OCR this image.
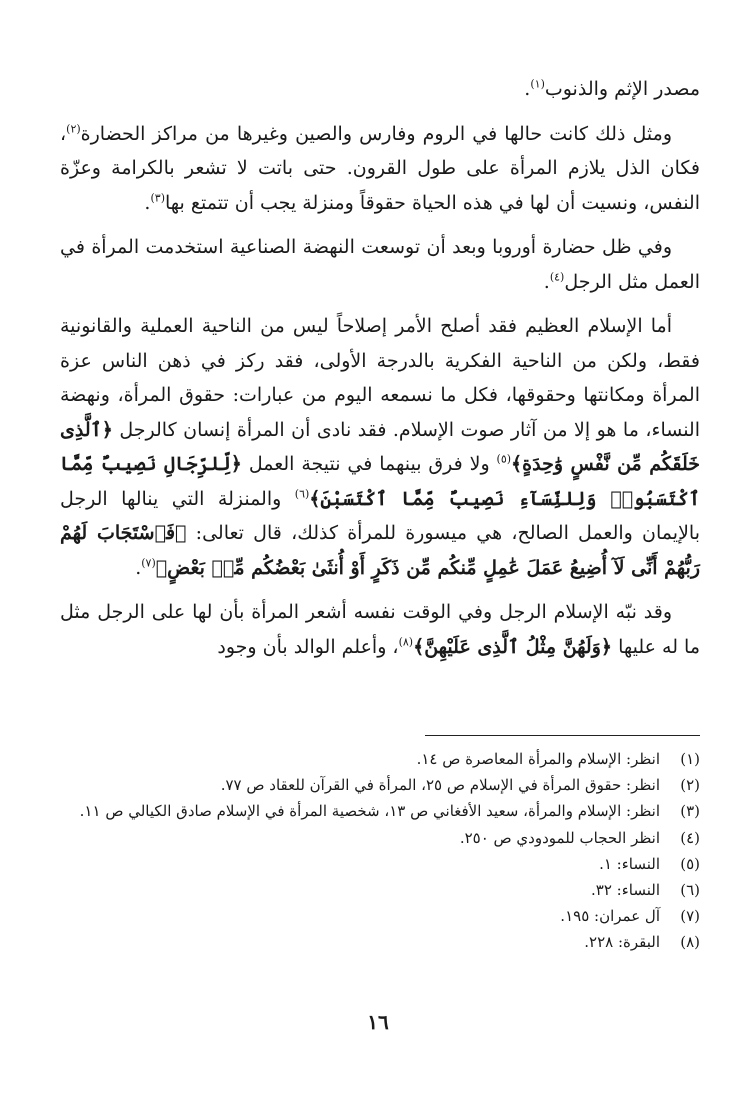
مصدر الإثم والذنوب$^{(١)}$.

ومثل ذلك كانت حالها في الروم وفارس والصين وغيرها من مراكز الحضارة$^{(٢)}$، فكان الذل يلازم المرأة على طول القرون. حتى باتت لا تشعر بالكرامة وعزّة النفس، ونسيت أن لها في هذه الحياة حقوقاً ومنزلة يجب أن تتمتع بها$^{(٣)}$.

وفي ظل حضارة أوروبا وبعد أن توسعت النهضة الصناعية استخدمت المرأة في العمل مثل الرجل$^{(٤)}$.

أما الإسلام العظيم فقد أصلح الأمر إصلاحاً ليس من الناحية العملية والقانونية فقط، ولكن من الناحية الفكرية بالدرجة الأولى، فقد ركز في ذهن الناس عزة المرأة ومكانتها وحقوقها، فكل ما نسمعه اليوم من عبارات: حقوق المرأة، ونهضة النساء، ما هو إلا من آثار صوت الإسلام. فقد نادى أن المرأة إنسان كالرجل ﴿ٱلَّذِى خَلَقَكُم مِّن نَّفْسٍ وَٰحِدَةٍ﴾$^{(٥)}$ ولا فرق بينهما في نتيجة العمل ﴿لِّلرِّجَالِ نَصِيبٌ مِّمَّا ٱكْتَسَبُوا۟ وَلِلنِّسَآءِ نَصِيبٌ مِّمَّا ٱكْتَسَبْنَ﴾$^{(٦)}$ والمنزلة التي ينالها الرجل بالإيمان والعمل الصالح، هي ميسورة للمرأة كذلك، قال تعالى: ﴿فَٱسْتَجَابَ لَهُمْ رَبُّهُمْ أَنِّى لَآ أُضِيعُ عَمَلَ عَٰمِلٍ مِّنكُم مِّن ذَكَرٍ أَوْ أُنثَىٰ بَعْضُكُم مِّنۢ بَعْضٍ﴾$^{(٧)}$.

وقد نبّه الإسلام الرجل وفي الوقت نفسه أشعر المرأة بأن لها على الرجل مثل ما له عليها ﴿وَلَهُنَّ مِثْلُ ٱلَّذِى عَلَيْهِنَّ﴾$^{(٨)}$، وأعلم الوالد بأن وجود

(١)
انظر: الإسلام والمرأة المعاصرة ص ١٤.
(٢)
انظر: حقوق المرأة في الإسلام ص ٢٥، المرأة في القرآن للعقاد ص ٧٧.
(٣)
انظر: الإسلام والمرأة، سعيد الأفغاني ص ١٣، شخصية المرأة في الإسلام صادق الكيالي ص ١١.
(٤)
انظر الحجاب للمودودي ص ٢٥٠.
(٥)
النساء: ١.
(٦)
النساء: ٣٢.
(٧)
آل عمران: ١٩٥.
(٨)
البقرة: ٢٢٨.
١٦
